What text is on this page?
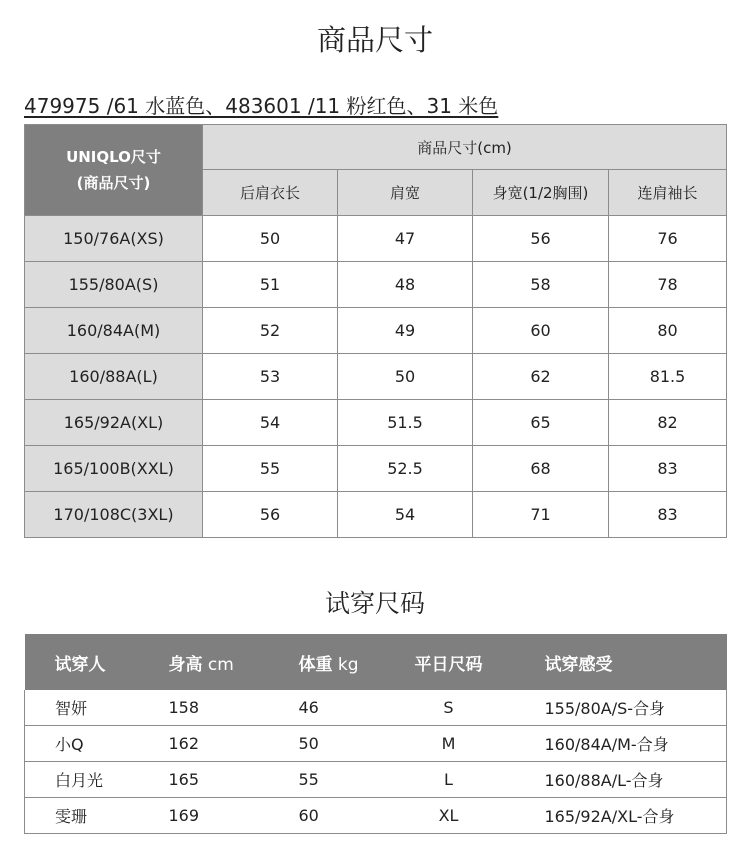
商品尺寸
479975 /61 水蓝色、483601 /11 粉红色、31 米色
UNIQLO尺寸
(商品尺寸)	商品尺寸(cm)			
	后肩衣长	肩宽	身宽(1/2胸围)	连肩袖长
150/76A(XS)	50	47	56	76
155/80A(S)	51	48	58	78
160/84A(M)	52	49	60	80
160/88A(L)	53	50	62	81.5
165/92A(XL)	54	51.5	65	82
165/100B(XXL)	55	52.5	68	83
170/108C(3XL)	56	54	71	83
试穿尺码
试穿人	身高 cm	体重 kg	平日尺码	试穿感受
智妍	158	46	S	155/80A/S-合身
小Q	162	50	M	160/84A/M-合身
白月光	165	55	L	160/88A/L-合身
雯珊	169	60	XL	165/92A/XL-合身
